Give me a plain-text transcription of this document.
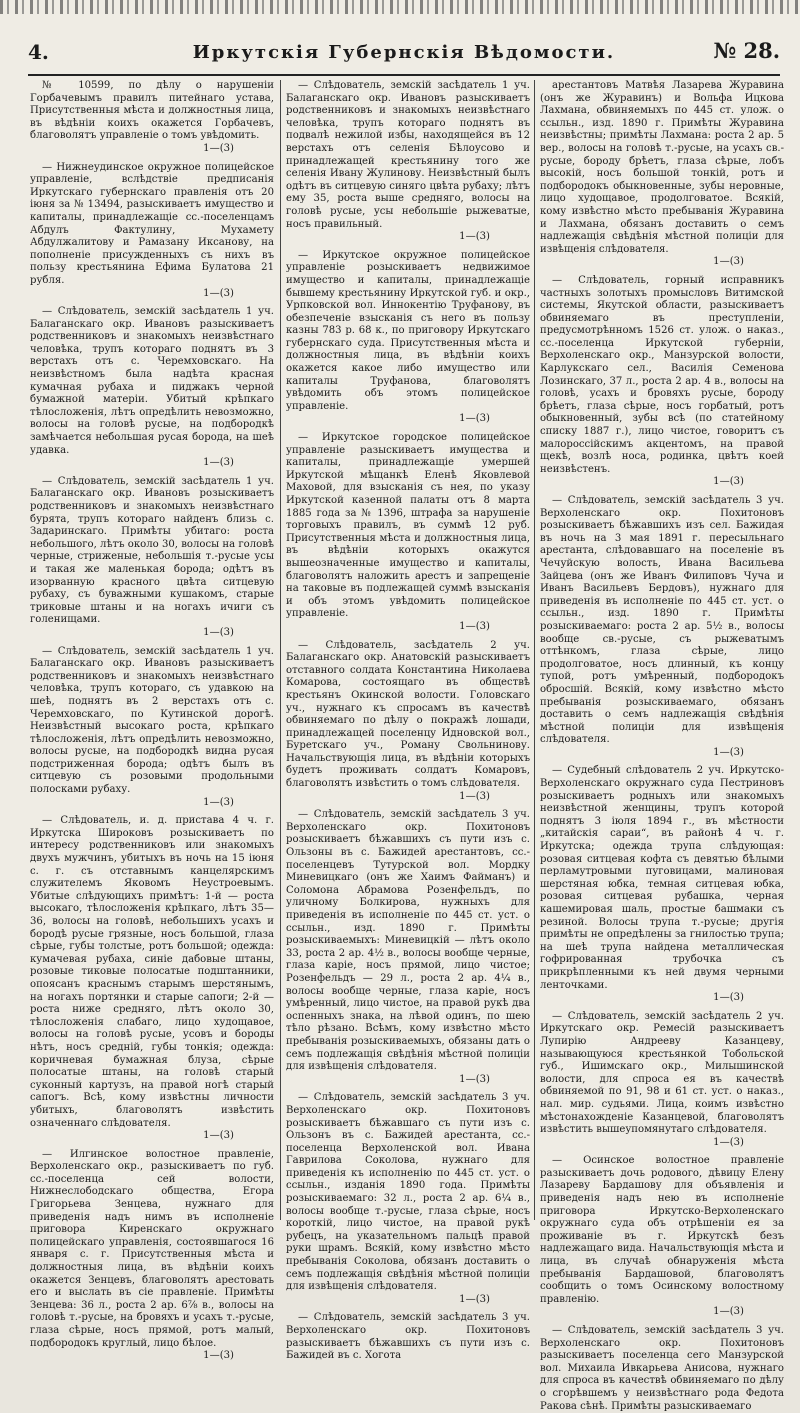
4.	Иркутскія Губернскія Вѣдомости.	№ 28.

№ 10599, по дѣлу о нарушеніи Горбачевымъ правилъ питейнаго устава, Присутственныя мѣста и должностныя лица, въ вѣдѣніи коихъ окажется Горбачевъ, благоволятъ управленіе о томъ увѣдомить.

1—(3)

— Нижнеудинское окружное полицейское управленіе, вслѣдствіе предписанія Иркутскаго губернскаго правленія отъ 20 іюня за № 13494, разыскиваетъ имущество и капиталы, принадлежащіе сс.-поселенцамъ Абдулъ Фактулину, Мухамету Абдулжалитову и Рамазану Иксанову, на пополненіе присужденныхъ съ нихъ въ пользу крестьянина Ефима Булатова 21 рубля.

1—(3)

— Слѣдователь, земскій засѣдатель 1 уч. Балаганскаго окр. Ивановъ разыскиваетъ родственниковъ и знакомыхъ неизвѣстнаго человѣка, трупъ котораго поднятъ въ 3 верстахъ отъ с. Черемховскаго. На неизвѣстномъ была надѣта красная кумачная рубаха и пиджакъ черной бумажной матеріи. Убитый крѣпкаго тѣлосложенія, лѣтъ опредѣлить невозможно, волосы на головѣ русые, на подбородкѣ замѣчается небольшая русая борода, на шеѣ удавка.

1—(3)

— Слѣдователь, земскій засѣдатель 1 уч. Балаганскаго окр. Ивановъ розыскиваетъ родственниковъ и знакомыхъ неизвѣстнаго бурята, трупъ котораго найденъ близь с. Задаринскаго. Примѣты убитаго: роста небольшого, лѣтъ около 30, волосы на головѣ черные, стриженые, небольшія т.-русые усы и такая же маленькая борода; одѣтъ въ изорванную красного цвѣта ситцевую рубаху, съ буважными кушакомъ, старые триковые штаны и на ногахъ ичиги съ голенищами.

1—(3)

— Слѣдователь, земскій засѣдатель 1 уч. Балаганскаго окр. Ивановъ разыскиваетъ родственниковъ и знакомыхъ неизвѣстнаго человѣка, трупъ котораго, съ удавкою на шеѣ, поднятъ въ 2 верстахъ отъ с. Черемховскаго, по Кутинской дорогѣ. Неизвѣстный высокаго роста, крѣпкаго тѣлосложенія, лѣтъ опредѣлить невозможно, волосы русые, на подбородкѣ видна русая подстриженная борода; одѣтъ былъ въ ситцевую съ розовыми продольными полосками рубаху.

1—(3)

— Слѣдователь, и. д. пристава 4 ч. г. Иркутска Широковъ розыскиваетъ по интересу родственниковъ или знакомыхъ двухъ мужчинъ, убитыхъ въ ночь на 15 іюня с. г. съ отставнымъ канцелярскимъ служителемъ Яковомъ Неустроевымъ. Убитые слѣдующихъ примѣтъ: 1-й — роста высокаго, тѣлосложенія крѣпкаго, лѣтъ 35—36, волосы на головѣ, небольшихъ усахъ и бородѣ русые грязные, носъ большой, глаза сѣрые, губы толстые, ротъ большой; одежда: кумачевая рубаха, синіе дабовые штаны, розовые тиковые полосатые подштанники, опоясанъ краснымъ старымъ шерстянымъ, на ногахъ портянки и старые сапоги; 2-й — роста ниже средняго, лѣтъ около 30, тѣлосложенія слабаго, лицо худощавое, волосы на головѣ русые, усовъ и бороды нѣтъ, носъ средній, губы тонкія; одежда: коричневая бумажная блуза, сѣрые полосатые штаны, на головѣ старый суконный картузъ, на правой ногѣ старый сапогъ. Всѣ, кому извѣстны личности убитыхъ, благоволятъ извѣстить означеннаго слѣдователя.

1—(3)

— Илгинское волостное правленіе, Верхоленскаго окр., разыскиваетъ по губ. сс.-поселенца сей волости, Нижнеслободскаго общества, Егора Григорьева Зенцева, нужнаго для приведенія надъ нимъ въ исполненіе приговора Киренскаго окружнаго полицейскаго управленія, состоявшагося 16 января с. г. Присутственныя мѣста и должностныя лица, въ вѣдѣніи коихъ окажется Зенцевъ, благоволятъ арестовать его и выслать въ сіе правленіе. Примѣты Зенцева: 36 л., роста 2 ар. 6⅞ в., волосы на головѣ т.-русые, на бровяхъ и усахъ т.-русые, глаза сѣрые, носъ прямой, ротъ малый, подбородокъ круглый, лицо бѣлое.

1—(3)

— Слѣдователь, земскій засѣдатель 1 уч. Балаганскаго окр. Ивановъ разыскиваетъ родственниковъ и знакомыхъ неизвѣстнаго человѣка, трупъ котораго поднятъ въ подвалѣ нежилой избы, находящейся въ 12 верстахъ отъ селенія Бѣлоусово и принадлежащей крестьянину того же селенія Ивану Жулинову. Неизвѣстный былъ одѣтъ въ ситцевую синяго цвѣта рубаху; лѣтъ ему 35, роста выше средняго, волосы на головѣ русые, усы небольшіе рыжеватые, носъ правильный.

1—(3)

— Иркутское окружное полицейское управленіе розыскиваетъ недвижимое имущество и капиталы, принадлежащіе бывшему крестьянину Иркутской губ. и окр., Урпковской вол. Иннокентію Труфанову, въ обезпеченіе взысканія съ него въ пользу казны 783 р. 68 к., по приговору Иркутскаго губернскаго суда. Присутственныя мѣста и должностныя лица, въ вѣдѣніи коихъ окажется какое либо имущество или капиталы Труфанова, благоволятъ увѣдомить объ этомъ полицейское управленіе.

1—(3)

— Иркутское городское полицейское управленіе разыскиваетъ имущества и капиталы, принадлежащіе умершей Иркутской мѣщанкѣ Еленѣ Яковлевой Маховой, для взысканія съ нея, по указу Иркутской казенной палаты отъ 8 марта 1885 года за № 1396, штрафа за нарушеніе торговыхъ правилъ, въ суммѣ 12 руб. Присутственныя мѣста и должностныя лица, въ вѣдѣніи которыхъ окажутся вышеозначенные имущество и капиталы, благоволятъ наложить арестъ и запрещеніе на таковые въ подлежащей суммѣ взысканія и объ этомъ увѣдомить полицейское управленіе.

1—(3)

— Слѣдователь, засѣдатель 2 уч. Балаганскаго окр. Анатовскій разыскиваетъ отставного солдата Константина Николаева Комарова, состоящаго въ обществѣ крестьянъ Окинской волости. Головскаго уч., нужнаго къ спросамъ въ качествѣ обвиняемаго по дѣлу о покражѣ лошади, принадлежащей поселенцу Идновской вол., Буретскаго уч., Роману Свольнинову. Начальствующія лица, въ вѣдѣніи которыхъ будетъ проживать солдатъ Комаровъ, благоволятъ извѣстить о томъ слѣдователя.

1—(3)

— Слѣдователь, земскій засѣдатель 3 уч. Верхоленскаго окр. Похитоновъ розыскиваетъ бѣжавшихъ съ пути изъ с. Ользоны въ с. Бажидей арестантовъ, сс.-поселенцевъ Тутурской вол. Мордку Миневицкаго (онъ же Хаимъ Файманъ) и Соломона Абрамова Розенфельдъ, по уличному Болкирова, нужныхъ для приведенія въ исполненіе по 445 ст. уст. о ссыльн., изд. 1890 г. Примѣты розыскиваемыхъ: Миневицкій — лѣтъ около 33, роста 2 ар. 4½ в., волосы вообще черные, глаза каріе, носъ прямой, лицо чистое; Розенфельдъ — 29 л., роста 2 ар. 4¼ в., волосы вообще черные, глаза каріе, носъ умѣренный, лицо чистое, на правой рукѣ два оспенныхъ знака, на лѣвой одинъ, по шею тѣло рѣзано. Всѣмъ, кому извѣстно мѣсто пребыванія розыскиваемыхъ, обязаны дать о семъ подлежащія свѣдѣнія мѣстной полиціи для извѣщенія слѣдователя.

1—(3)

— Слѣдователь, земскій засѣдатель 3 уч. Верхоленскаго окр. Похитоновъ розыскиваетъ бѣжавшаго съ пути изъ с. Ользонъ въ с. Бажидей арестанта, сс.-поселенца Верхоленской вол. Ивана Гаврилова Соколова, нужнаго для приведенія къ исполненію по 445 ст. уст. о ссыльн., изданія 1890 года. Примѣты розыскиваемаго: 32 л., роста 2 ар. 6¼ в., волосы вообще т.-русые, глаза сѣрые, носъ короткій, лицо чистое, на правой рукѣ рубецъ, на указательномъ пальцѣ правой руки шрамъ. Всякій, кому извѣстно мѣсто пребыванія Соколова, обязанъ доставить о семъ подлежащія свѣдѣнія мѣстной полиціи для извѣщенія слѣдователя.

1—(3)

— Слѣдователь, земскій засѣдатель 3 уч. Верхоленскаго окр. Похитоновъ разыскиваетъ бѣжавшихъ съ пути изъ с. Бажидей въ с. Хогота

арестантовъ Матвѣя Лазарева Журавина (онъ же Журавинъ) и Вольфа Ицкова Лахмана, обвиняемыхъ по 445 ст. улож. о ссыльн., изд. 1890 г. Примѣты Журавина неизвѣстны; примѣты Лахмана: роста 2 ар. 5 вер., волосы на головѣ т.-русые, на усахъ св.-русые, бороду брѣетъ, глаза сѣрые, лобъ высокій, носъ большой тонкій, ротъ и подбородокъ обыкновенные, зубы неровные, лицо худощавое, продолговатое. Всякій, кому извѣстно мѣсто пребыванія Журавина и Лахмана, обязанъ доставить о семъ надлежащія свѣдѣнія мѣстной полиціи для извѣщенія слѣдователя.

1—(3)

— Слѣдователь, горный исправникъ частныхъ золотыхъ промысловъ Витимской системы, Якутской области, разыскиваетъ обвиняемаго въ преступленіи, предусмотрѣнномъ 1526 ст. улож. о наказ., сс.-поселенца Иркутской губерніи, Верхоленскаго окр., Манзурской волости, Карлукскаго сел., Василія Семенова Лозинскаго, 37 л., роста 2 ар. 4 в., волосы на головѣ, усахъ и бровяхъ русые, бороду брѣетъ, глаза сѣрые, носъ горбатый, ротъ обыкновенный, зубы всѣ (по статейному списку 1887 г.), лицо чистое, говоритъ съ малороссійскимъ акцентомъ, на правой щекѣ, возлѣ носа, родинка, цвѣтъ коей неизвѣстенъ.

1—(3)

— Слѣдователь, земскій засѣдатель 3 уч. Верхоленскаго окр. Похитоновъ розыскиваетъ бѣжавшихъ изъ сел. Бажидая въ ночь на 3 мая 1891 г. пересыльнаго арестанта, слѣдовавшаго на поселеніе въ Чечуйскую волость, Ивана Васильева Зайцева (онъ же Иванъ Филиповъ Чуча и Иванъ Васильевъ Бердовъ), нужнаго для приведенія въ исполненіе по 445 ст. уст. о ссыльн., изд. 1890 г. Примѣты розыскиваемаго: роста 2 ар. 5½ в., волосы вообще св.-русые, съ рыжеватымъ оттѣнкомъ, глаза сѣрые, лицо продолговатое, носъ длинный, къ концу тупой, ротъ умѣренный, подбородокъ обросшій. Всякій, кому извѣстно мѣсто пребыванія розыскиваемаго, обязанъ доставить о семъ надлежащія свѣдѣнія мѣстной полиціи для извѣщенія слѣдователя.

1—(3)

— Судебный слѣдователь 2 уч. Иркутско-Верхоленскаго окружнаго суда Пестриновъ розыскиваетъ родныхъ или знакомыхъ неизвѣстной женщины, трупъ которой поднятъ 3 іюля 1894 г., въ мѣстности „китайскія сараи“, въ районѣ 4 ч. г. Иркутска; одежда трупа слѣдующая: розовая ситцевая кофта съ девятью бѣлыми перламутровыми пуговицами, малиновая шерстяная юбка, темная ситцевая юбка, розовая ситцевая рубашка, черная кашемировая шаль, простые башмаки съ резиной. Волосы трупа т.-русые; другія примѣты не опредѣлены за гнилостью трупа; на шеѣ трупа найдена металлическая гофрированная трубочка съ прикрѣпленными къ ней двумя черными ленточками.

1—(3)

— Слѣдователь, земскій засѣдатель 2 уч. Иркутскаго окр. Ремесій разыскиваетъ Лупирію Андрееву Казанцеву, называющуюся крестьянкой Тобольской губ., Ишимскаго окр., Милышинской волости, для спроса ея въ качествѣ обвиняемой по 91, 98 и 61 ст. уст. о наказ., нал. мир. судьями. Лица, коимъ извѣстно мѣстонахожденіе Казанцевой, благоволятъ извѣстить вышеупомянутаго слѣдователя.

1—(3)

— Осинское волостное правленіе разыскиваетъ дочь родового, дѣвицу Елену Лазареву Бардашову для объявленія и приведенія надъ нею въ исполненіе приговора Иркутско-Верхоленскаго окружнаго суда объ отрѣшеніи ея за проживаніе въ г. Иркутскѣ безъ надлежащаго вида. Начальствующія мѣста и лица, въ случаѣ обнаруженія мѣста пребыванія Бардашовой, благоволятъ сообщить о томъ Осинскому волостному правленію.

1—(3)

— Слѣдователь, земскій засѣдатель 3 уч. Верхоленскаго окр. Похитоновъ разыскиваетъ поселенца сего Манзурской вол. Михаила Ивкарьева Анисова, нужнаго для спроса въ качествѣ обвиняемаго по дѣлу о сгорѣвшемъ у неизвѣстнаго рода Федота Ракова сѣнѣ. Примѣты разыскиваемаго
